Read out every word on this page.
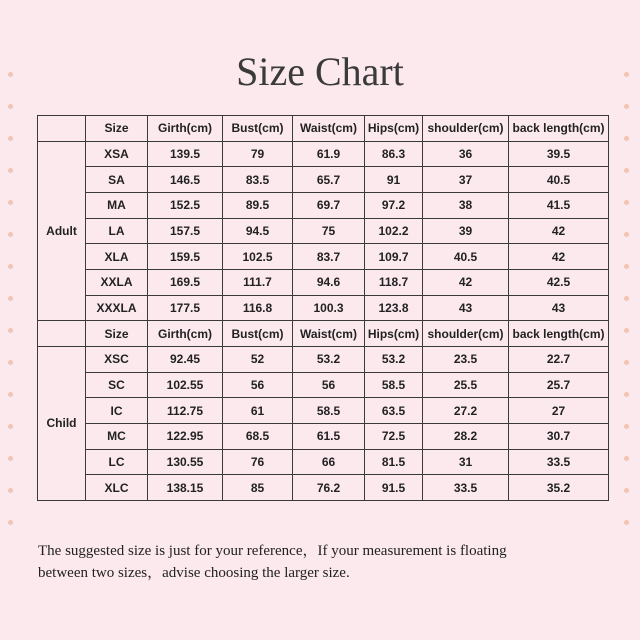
Size Chart
	Size	Girth(cm)	Bust(cm)	Waist(cm)	Hips(cm)	shoulder(cm)	back length(cm)
Adult	XSA	139.5	79	61.9	86.3	36	39.5
	SA	146.5	83.5	65.7	91	37	40.5
	MA	152.5	89.5	69.7	97.2	38	41.5
	LA	157.5	94.5	75	102.2	39	42
	XLA	159.5	102.5	83.7	109.7	40.5	42
	XXLA	169.5	111.7	94.6	118.7	42	42.5
	XXXLA	177.5	116.8	100.3	123.8	43	43
	Size	Girth(cm)	Bust(cm)	Waist(cm)	Hips(cm)	shoulder(cm)	back length(cm)
Child	XSC	92.45	52	53.2	53.2	23.5	22.7
	SC	102.55	56	56	58.5	25.5	25.7
	IC	112.75	61	58.5	63.5	27.2	27
	MC	122.95	68.5	61.5	72.5	28.2	30.7
	LC	130.55	76	66	81.5	31	33.5
	XLC	138.15	85	76.2	91.5	33.5	35.2
The suggested size is just for your reference，If your measurement is floating
between two sizes，advise choosing the larger size.
